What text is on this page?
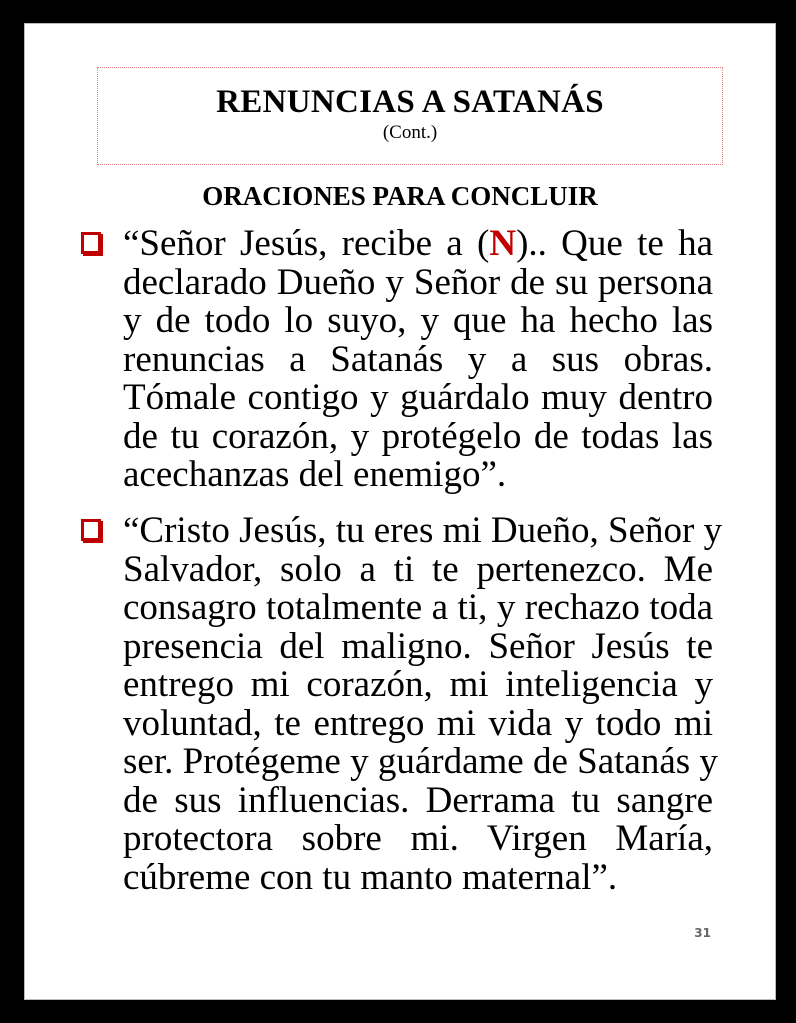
RENUNCIAS A SATANÁS
(Cont.)
ORACIONES PARA CONCLUIR
“Señor Jesús, recibe a (N).. Que te ha
declarado Dueño y Señor de su persona
y de todo lo suyo, y que ha hecho las
renuncias a Satanás y a sus obras.
Tómale contigo y guárdalo muy dentro
de tu corazón, y protégelo de todas las
acechanzas del enemigo”.
“Cristo Jesús, tu eres mi Dueño, Señor y
Salvador, solo a ti te pertenezco. Me
consagro totalmente a ti, y rechazo toda
presencia del maligno. Señor Jesús te
entrego mi corazón, mi inteligencia y
voluntad, te entrego mi vida y todo mi
ser. Protégeme y guárdame de Satanás y
de sus influencias. Derrama tu sangre
protectora sobre mi. Virgen María,
cúbreme con tu manto maternal”.
31
